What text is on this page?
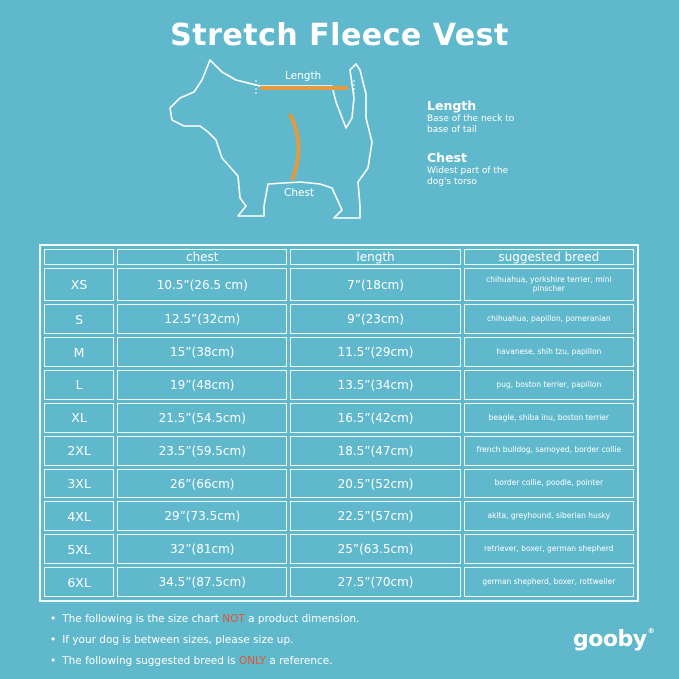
Stretch Fleece Vest
Length
Chest
Length
Base of the neck to base of tail
Chest
Widest part of the dog's torso
	chest	length	suggested breed
XS	10.5”(26.5 cm)	7”(18cm)	chihuahua, yorkshire terrier, mini pinscher
S	12.5”(32cm)	9”(23cm)	chihuahua, papillon, pomeranian
M	15”(38cm)	11.5”(29cm)	havanese, shih tzu, papillon
L	19”(48cm)	13.5”(34cm)	pug, boston terrier, papillon
XL	21.5”(54.5cm)	16.5”(42cm)	beagle, shiba inu, boston terrier
2XL	23.5”(59.5cm)	18.5”(47cm)	french bulldog, samoyed, border collie
3XL	26”(66cm)	20.5”(52cm)	border collie, poodle, pointer
4XL	29”(73.5cm)	22.5”(57cm)	akita, greyhound, siberian husky
5XL	32”(81cm)	25”(63.5cm)	retriever, boxer, german shepherd
6XL	34.5”(87.5cm)	27.5”(70cm)	german shepherd, boxer, rottweiler
• The following is the size chart NOT a product dimension.
• If your dog is between sizes, please size up.
• The following suggested breed is ONLY a reference.
gooby®
